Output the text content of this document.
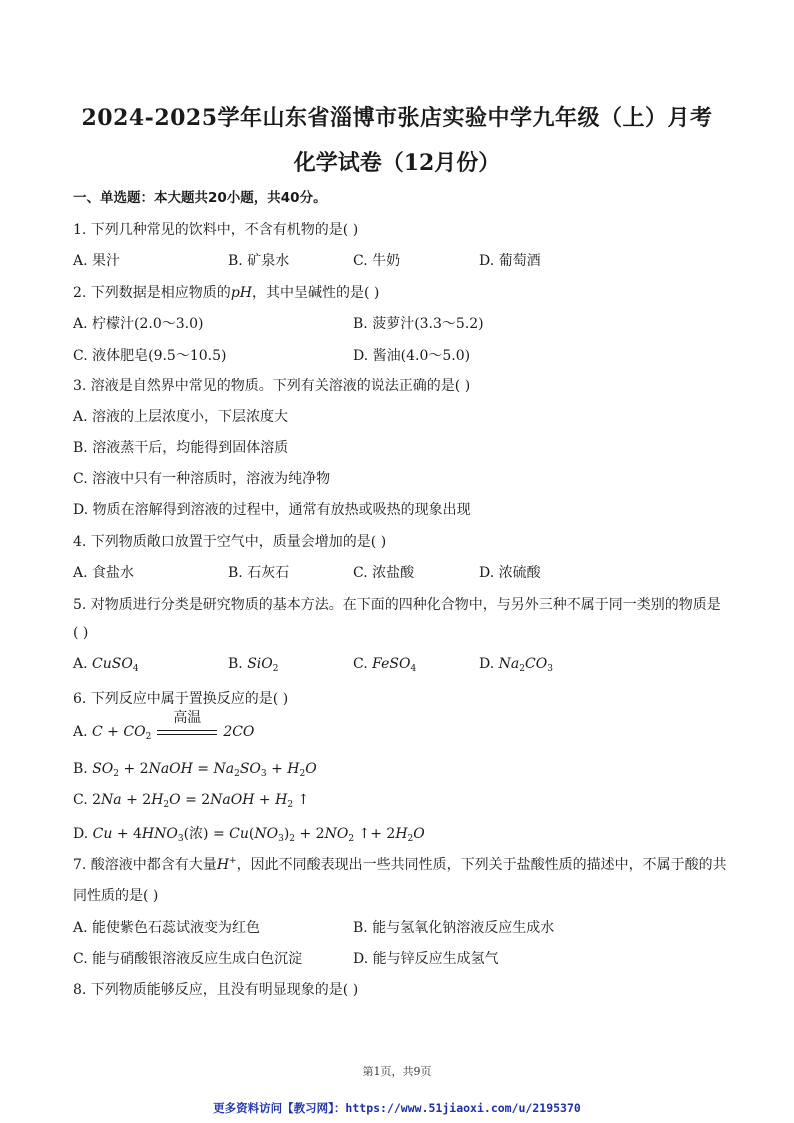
2024-2025学年山东省淄博市张店实验中学九年级（上）月考
化学试卷（12月份）
一、单选题：本大题共20小题，共40分。
1. 下列几种常见的饮料中，不含有机物的是( )
A. 果汁	B. 矿泉水	C. 牛奶	D. 葡萄酒
2. 下列数据是相应物质的pH，其中呈碱性的是( )
A. 柠檬汁(2.0～3.0)	B. 菠萝汁(3.3～5.2)
C. 液体肥皂(9.5～10.5)	D. 酱油(4.0～5.0)
3. 溶液是自然界中常见的物质。下列有关溶液的说法正确的是( )
A. 溶液的上层浓度小，下层浓度大
B. 溶液蒸干后，均能得到固体溶质
C. 溶液中只有一种溶质时，溶液为纯净物
D. 物质在溶解得到溶液的过程中，通常有放热或吸热的现象出现
4. 下列物质敞口放置于空气中，质量会增加的是( )
A. 食盐水	B. 石灰石	C. 浓盐酸	D. 浓硫酸
5. 对物质进行分类是研究物质的基本方法。在下面的四种化合物中，与另外三种不属于同一类别的物质是
( )
A. CuSO$_4$	B. SiO$_2$	C. FeSO$_4$	D. $Na_2CO_3$
6. 下列反应中属于置换反应的是( )
A. $C + CO_2$
高温
2CO
B. $SO_2$ + 2NaOH = $Na_2SO_3 + H_2O$
C. $2Na + 2H_2O$ = 2NaOH + $H_2$ ↑
D. $Cu + 4HNO_3$(浓) = $Cu(NO_3)_2 + 2NO_2$ ↑+ $2H_2O$
7. 酸溶液中都含有大量H+，因此不同酸表现出一些共同性质，下列关于盐酸性质的描述中，不属于酸的共
同性质的是( )
A. 能使紫色石蕊试液变为红色	B. 能与氢氧化钠溶液反应生成水
C. 能与硝酸银溶液反应生成白色沉淀	D. 能与锌反应生成氢气
8. 下列物质能够反应，且没有明显现象的是( )
第1页，共9页
更多资料访问【教习网】：https://www.51jiaoxi.com/u/2195370
